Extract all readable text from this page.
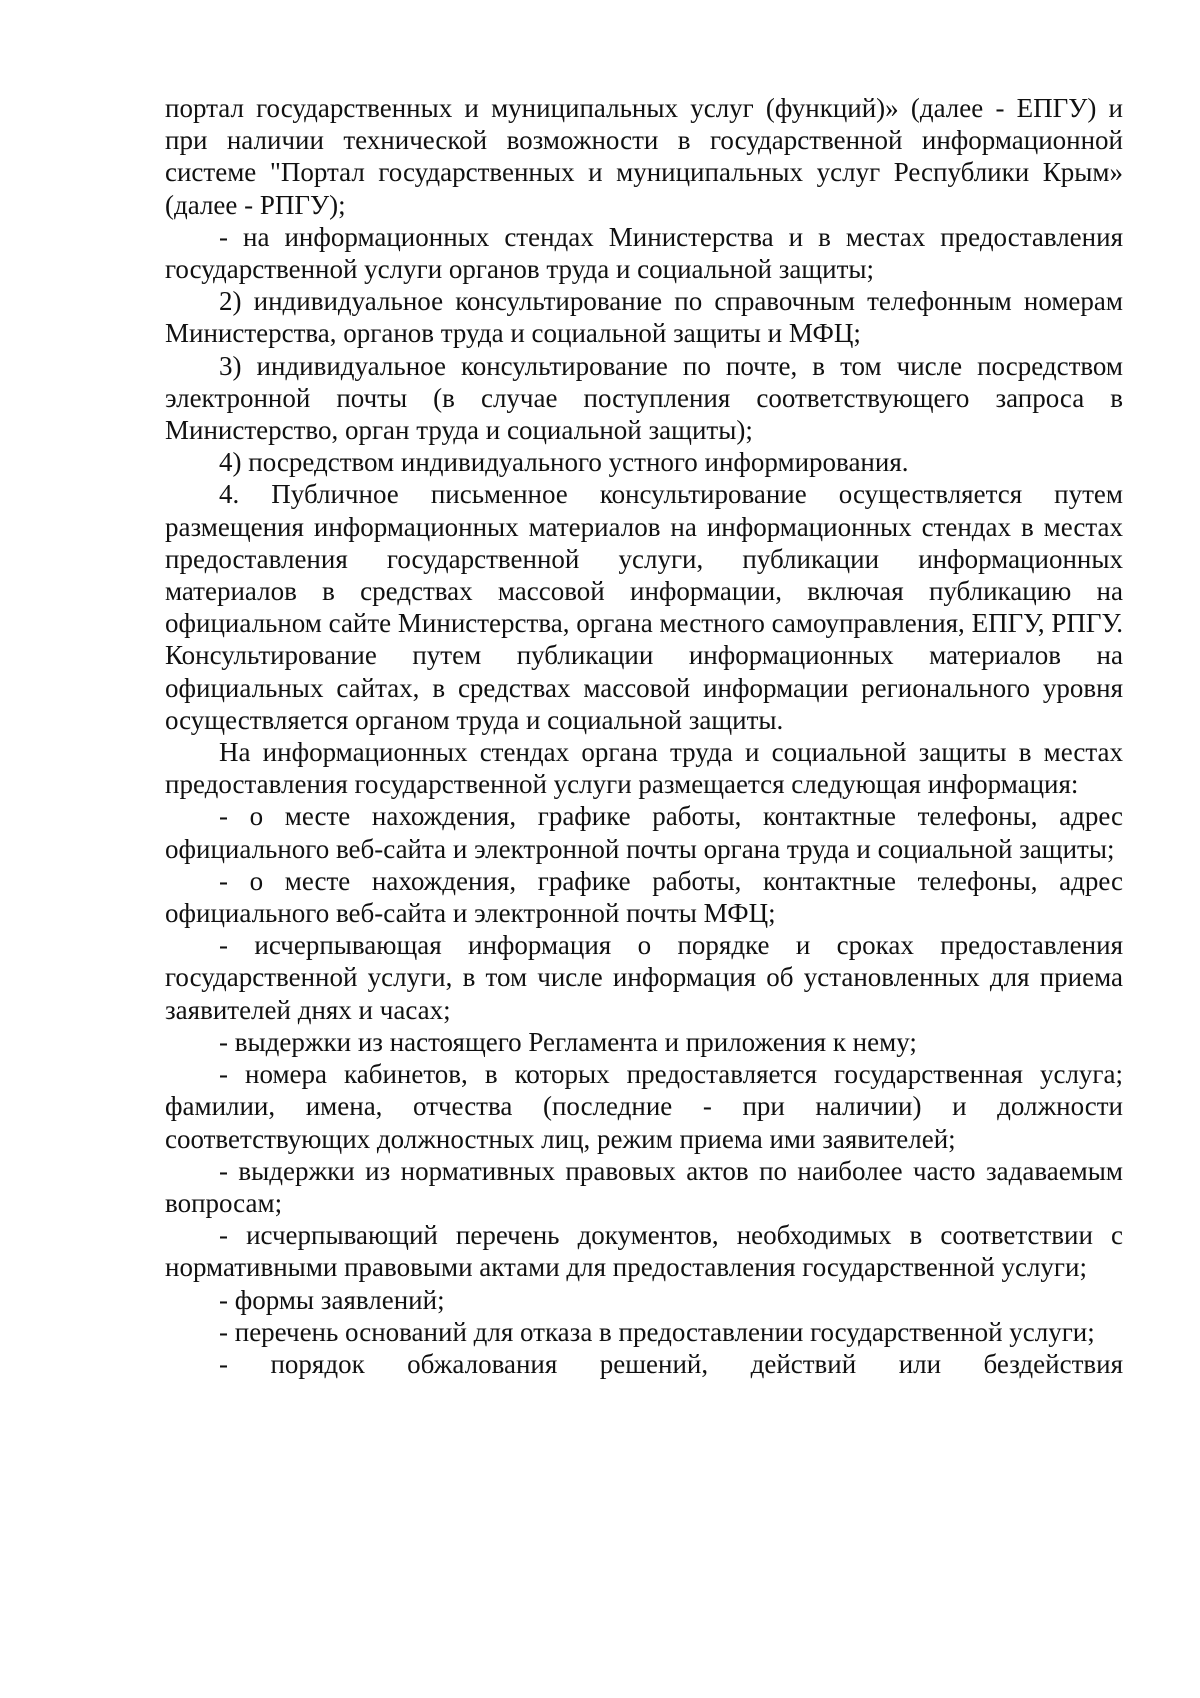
портал государственных и муниципальных услуг (функций)» (далее - ЕПГУ) и при наличии технической возможности в государственной информационной системе "Портал государственных и муниципальных услуг Республики Крым» (далее - РПГУ);

- на информационных стендах Министерства и в местах предоставления государственной услуги органов труда и социальной защиты;

2) индивидуальное консультирование по справочным телефонным номерам Министерства, органов труда и социальной защиты и МФЦ;

3) индивидуальное консультирование по почте, в том числе посредством электронной почты (в случае поступления соответствующего запроса в Министерство, орган труда и социальной защиты);

4) посредством индивидуального устного информирования.

4. Публичное письменное консультирование осуществляется путем размещения информационных материалов на информационных стендах в местах предоставления государственной услуги, публикации информационных материалов в средствах массовой информации, включая публикацию на официальном сайте Министерства, органа местного самоуправления, ЕПГУ, РПГУ. Консультирование путем публикации информационных материалов на официальных сайтах, в средствах массовой информации регионального уровня осуществляется органом труда и социальной защиты.

На информационных стендах органа труда и социальной защиты в местах предоставления государственной услуги размещается следующая информация:

- о месте нахождения, графике работы, контактные телефоны, адрес официального веб-сайта и электронной почты органа труда и социальной защиты;

- о месте нахождения, графике работы, контактные телефоны, адрес официального веб-сайта и электронной почты МФЦ;

- исчерпывающая информация о порядке и сроках предоставления государственной услуги, в том числе информация об установленных для приема заявителей днях и часах;

- выдержки из настоящего Регламента и приложения к нему;

- номера кабинетов, в которых предоставляется государственная услуга; фамилии, имена, отчества (последние - при наличии) и должности соответствующих должностных лиц, режим приема ими заявителей;

- выдержки из нормативных правовых актов по наиболее часто задаваемым вопросам;

- исчерпывающий перечень документов, необходимых в соответствии с нормативными правовыми актами для предоставления государственной услуги;

- формы заявлений;

- перечень оснований для отказа в предоставлении государственной услуги;

- порядок обжалования решений, действий или бездействия
